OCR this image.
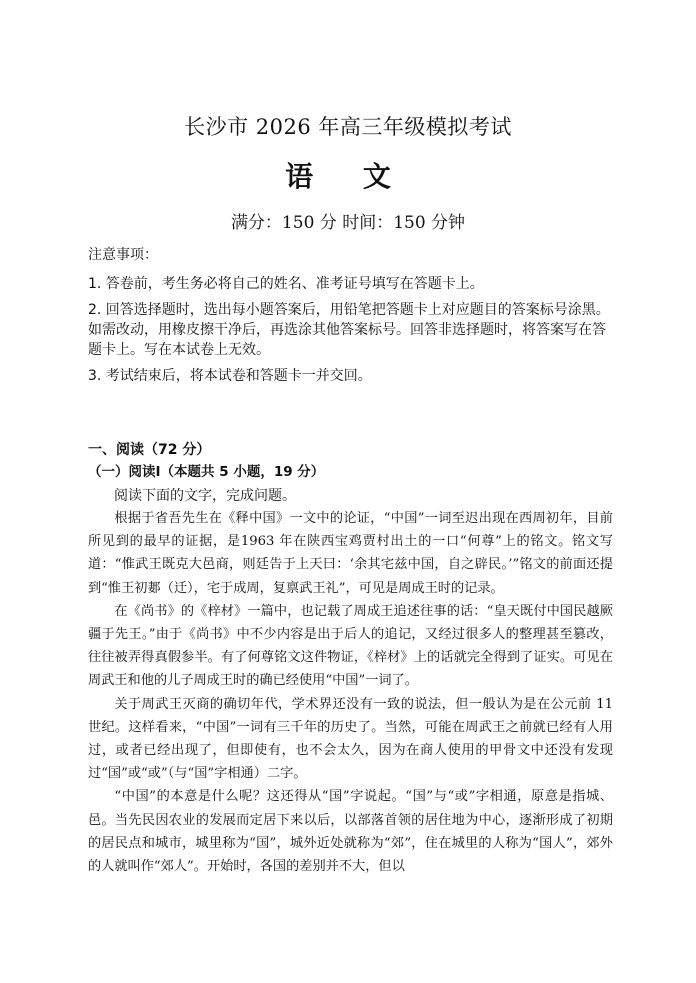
长沙市 2026 年高三年级模拟考试
语 文
满分：150 分 时间：150 分钟

注意事项：

1. 答卷前，考生务必将自己的姓名、准考证号填写在答题卡上。

2. 回答选择题时，选出每小题答案后，用铅笔把答题卡上对应题目的答案标号涂黑。如需改动，用橡皮擦干净后，再选涂其他答案标号。回答非选择题时，将答案写在答题卡上。写在本试卷上无效。

3. 考试结束后，将本试卷和答题卡一并交回。

一、阅读（72 分）

（一）阅读Ⅰ（本题共 5 小题，19 分）

阅读下面的文字，完成问题。

根据于省吾先生在《释中国》一文中的论证，“中国”一词至迟出现在西周初年，目前所见到的最早的证据，是1963 年在陕西宝鸡贾村出土的一口“何尊”上的铭文。铭文写道：“惟武王既克大邑商，则廷告于上天曰：‘余其宅兹中国，自之辟民。’”铭文的前面还提到“惟王初郪（迁），宅于成周，复禀武王礼”，可见是周成王时的记录。

在《尚书》的《梓材》一篇中，也记载了周成王追述往事的话：“皇天既付中国民越厥疆于先王。”由于《尚书》中不少内容是出于后人的追记，又经过很多人的整理甚至篡改，往往被弄得真假参半。有了何尊铭文这件物证，《梓材》上的话就完全得到了证实。可见在周武王和他的儿子周成王时的确已经使用“中国”一词了。

关于周武王灭商的确切年代，学术界还没有一致的说法，但一般认为是在公元前 11 世纪。这样看来，“中国”一词有三千年的历史了。当然，可能在周武王之前就已经有人用过，或者已经出现了，但即使有，也不会太久，因为在商人使用的甲骨文中还没有发现过“国”或“或”（与“国”字相通）二字。

“中国”的本意是什么呢？这还得从“国”字说起。“国”与“或”字相通，原意是指城、邑。当先民因农业的发展而定居下来以后，以部落首领的居住地为中心，逐渐形成了初期的居民点和城市，城里称为“国”，城外近处就称为“郊”，住在城里的人称为“国人”，郊外的人就叫作“郊人”。开始时，各国的差别并不大，但以
